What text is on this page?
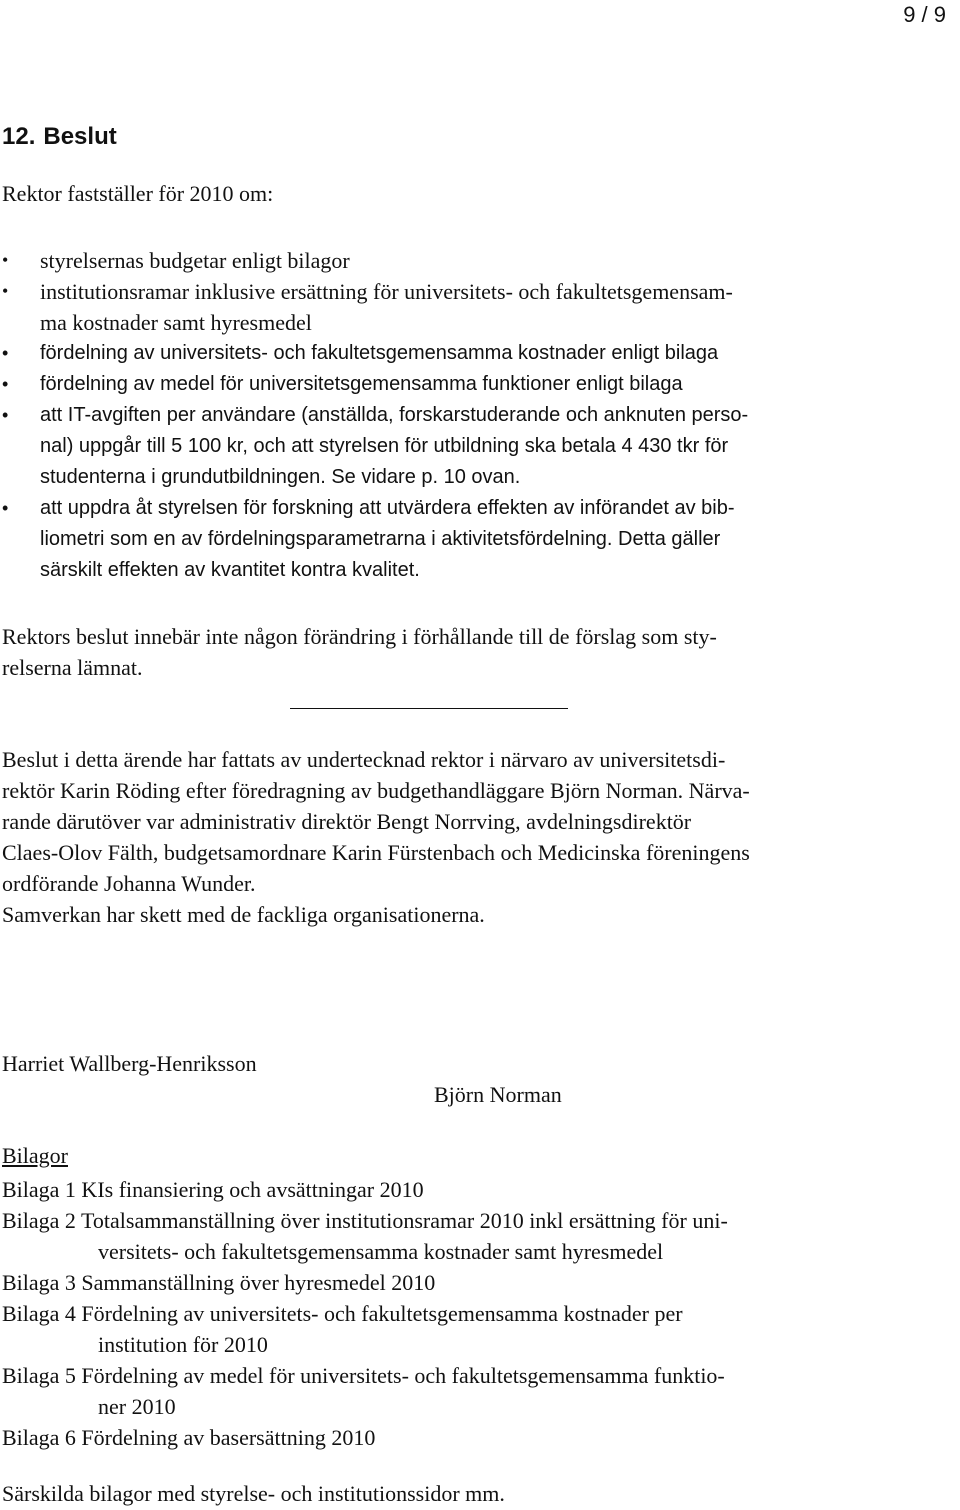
9 / 9
12. Beslut
Rektor fastställer för 2010 om:
• styrelsernas budgetar enligt bilagor
• institutionsramar inklusive ersättning för universitets- och fakultetsgemensam-
ma kostnader samt hyresmedel
• fördelning av universitets- och fakultetsgemensamma kostnader enligt bilaga
• fördelning av medel för universitetsgemensamma funktioner enligt bilaga
• att IT-avgiften per användare (anställda, forskarstuderande och anknuten perso-
nal) uppgår till 5 100 kr, och att styrelsen för utbildning ska betala 4 430 tkr för
studenterna i grundutbildningen. Se vidare p. 10 ovan.
• att uppdra åt styrelsen för forskning att utvärdera effekten av införandet av bib-
liometri som en av fördelningsparametrarna i aktivitetsfördelning. Detta gäller
särskilt effekten av kvantitet kontra kvalitet.
Rektors beslut innebär inte någon förändring i förhållande till de förslag som sty-
relserna lämnat.
Beslut i detta ärende har fattats av undertecknad rektor i närvaro av universitetsdi-
rektör Karin Röding efter föredragning av budgethandläggare Björn Norman. Närva-
rande därutöver var administrativ direktör Bengt Norrving, avdelningsdirektör
Claes-Olov Fälth, budgetsamordnare Karin Fürstenbach och Medicinska föreningens
ordförande Johanna Wunder.
Samverkan har skett med de fackliga organisationerna.
Harriet Wallberg-Henriksson
Björn Norman
Bilagor
Bilaga 1 KIs finansiering och avsättningar 2010
Bilaga 2 Totalsammanställning över institutionsramar 2010 inkl ersättning för uni-
versitets- och fakultetsgemensamma kostnader samt hyresmedel
Bilaga 3 Sammanställning över hyresmedel 2010
Bilaga 4 Fördelning av universitets- och fakultetsgemensamma kostnader per
institution för 2010
Bilaga 5 Fördelning av medel för universitets- och fakultetsgemensamma funktio-
ner 2010
Bilaga 6 Fördelning av basersättning 2010
Särskilda bilagor med styrelse- och institutionssidor mm.
